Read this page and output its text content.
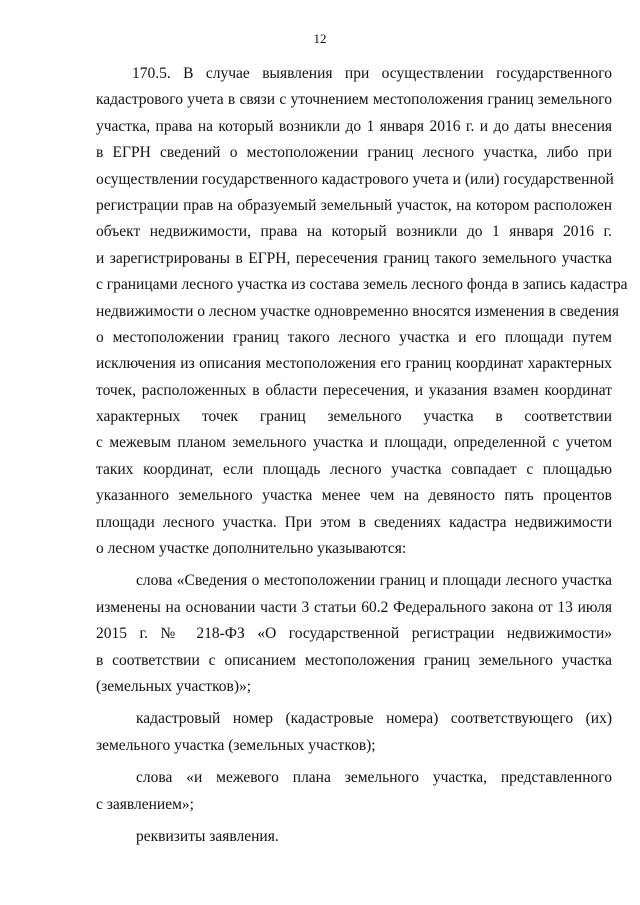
12
170.5. В случае выявления при осуществлении государственного
кадастрового учета в связи с уточнением местоположения границ земельного
участка, права на который возникли до 1 января 2016 г. и до даты внесения
в ЕГРН сведений о местоположении границ лесного участка, либо при
осуществлении государственного кадастрового учета и (или) государственной
регистрации прав на образуемый земельный участок, на котором расположен
объект недвижимости, права на который возникли до 1 января 2016 г.
и зарегистрированы в ЕГРН, пересечения границ такого земельного участка
с границами лесного участка из состава земель лесного фонда в запись кадастра
недвижимости о лесном участке одновременно вносятся изменения в сведения
о местоположении границ такого лесного участка и его площади путем
исключения из описания местоположения его границ координат характерных
точек, расположенных в области пересечения, и указания взамен координат
характерных точек границ земельного участка в соответствии
с межевым планом земельного участка и площади, определенной с учетом
таких координат, если площадь лесного участка совпадает с площадью
указанного земельного участка менее чем на девяносто пять процентов
площади лесного участка. При этом в сведениях кадастра недвижимости
о лесном участке дополнительно указываются:
слова «Сведения о местоположении границ и площади лесного участка
изменены на основании части 3 статьи 60.2 Федерального закона от 13 июля
2015 г. № 218-ФЗ «О государственной регистрации недвижимости»
в соответствии с описанием местоположения границ земельного участка
(земельных участков)»;
кадастровый номер (кадастровые номера) соответствующего (их)
земельного участка (земельных участков);
слова «и межевого плана земельного участка, представленного
с заявлением»;
реквизиты заявления.
